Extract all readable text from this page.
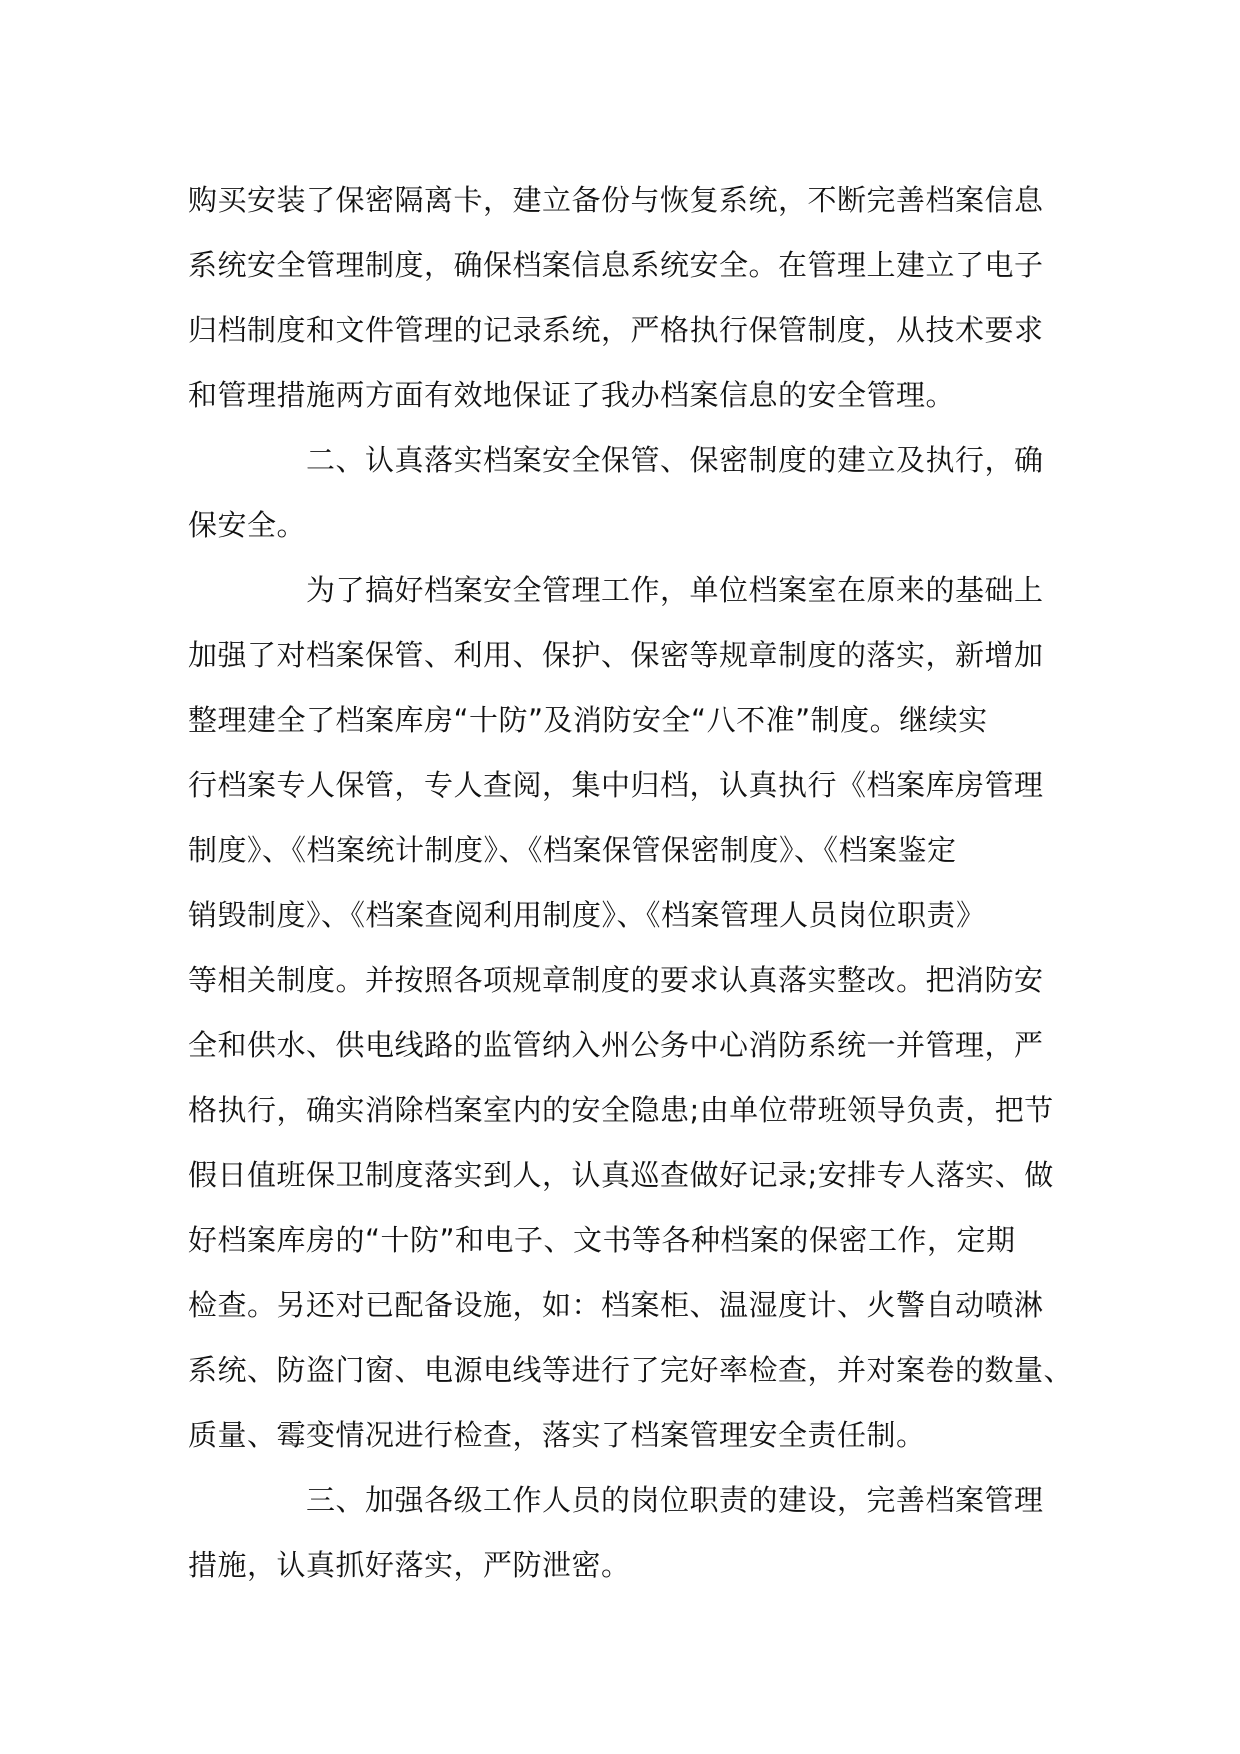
购买安装了保密隔离卡，建立备份与恢复系统，不断完善档案信息
系统安全管理制度，确保档案信息系统安全。在管理上建立了电子
归档制度和文件管理的记录系统，严格执行保管制度，从技术要求
和管理措施两方面有效地保证了我办档案信息的安全管理。
二、认真落实档案安全保管、保密制度的建立及执行，确
保安全。
为了搞好档案安全管理工作，单位档案室在原来的基础上
加强了对档案保管、利用、保护、保密等规章制度的落实，新增加
整理建全了档案库房“十防”及消防安全“八不准”制度。继续实
行档案专人保管，专人查阅，集中归档，认真执行《档案库房管理
制度》、《档案统计制度》、《档案保管保密制度》、《档案鉴定
销毁制度》、《档案查阅利用制度》、《档案管理人员岗位职责》
等相关制度。并按照各项规章制度的要求认真落实整改。把消防安
全和供水、供电线路的监管纳入州公务中心消防系统一并管理，严
格执行，确实消除档案室内的安全隐患;由单位带班领导负责，把节
假日值班保卫制度落实到人，认真巡查做好记录;安排专人落实、做
好档案库房的“十防”和电子、文书等各种档案的保密工作，定期
检查。另还对已配备设施，如：档案柜、温湿度计、火警自动喷淋
系统、防盗门窗、电源电线等进行了完好率检查，并对案卷的数量、
质量、霉变情况进行检查，落实了档案管理安全责任制。
三、加强各级工作人员的岗位职责的建设，完善档案管理
措施，认真抓好落实，严防泄密。
